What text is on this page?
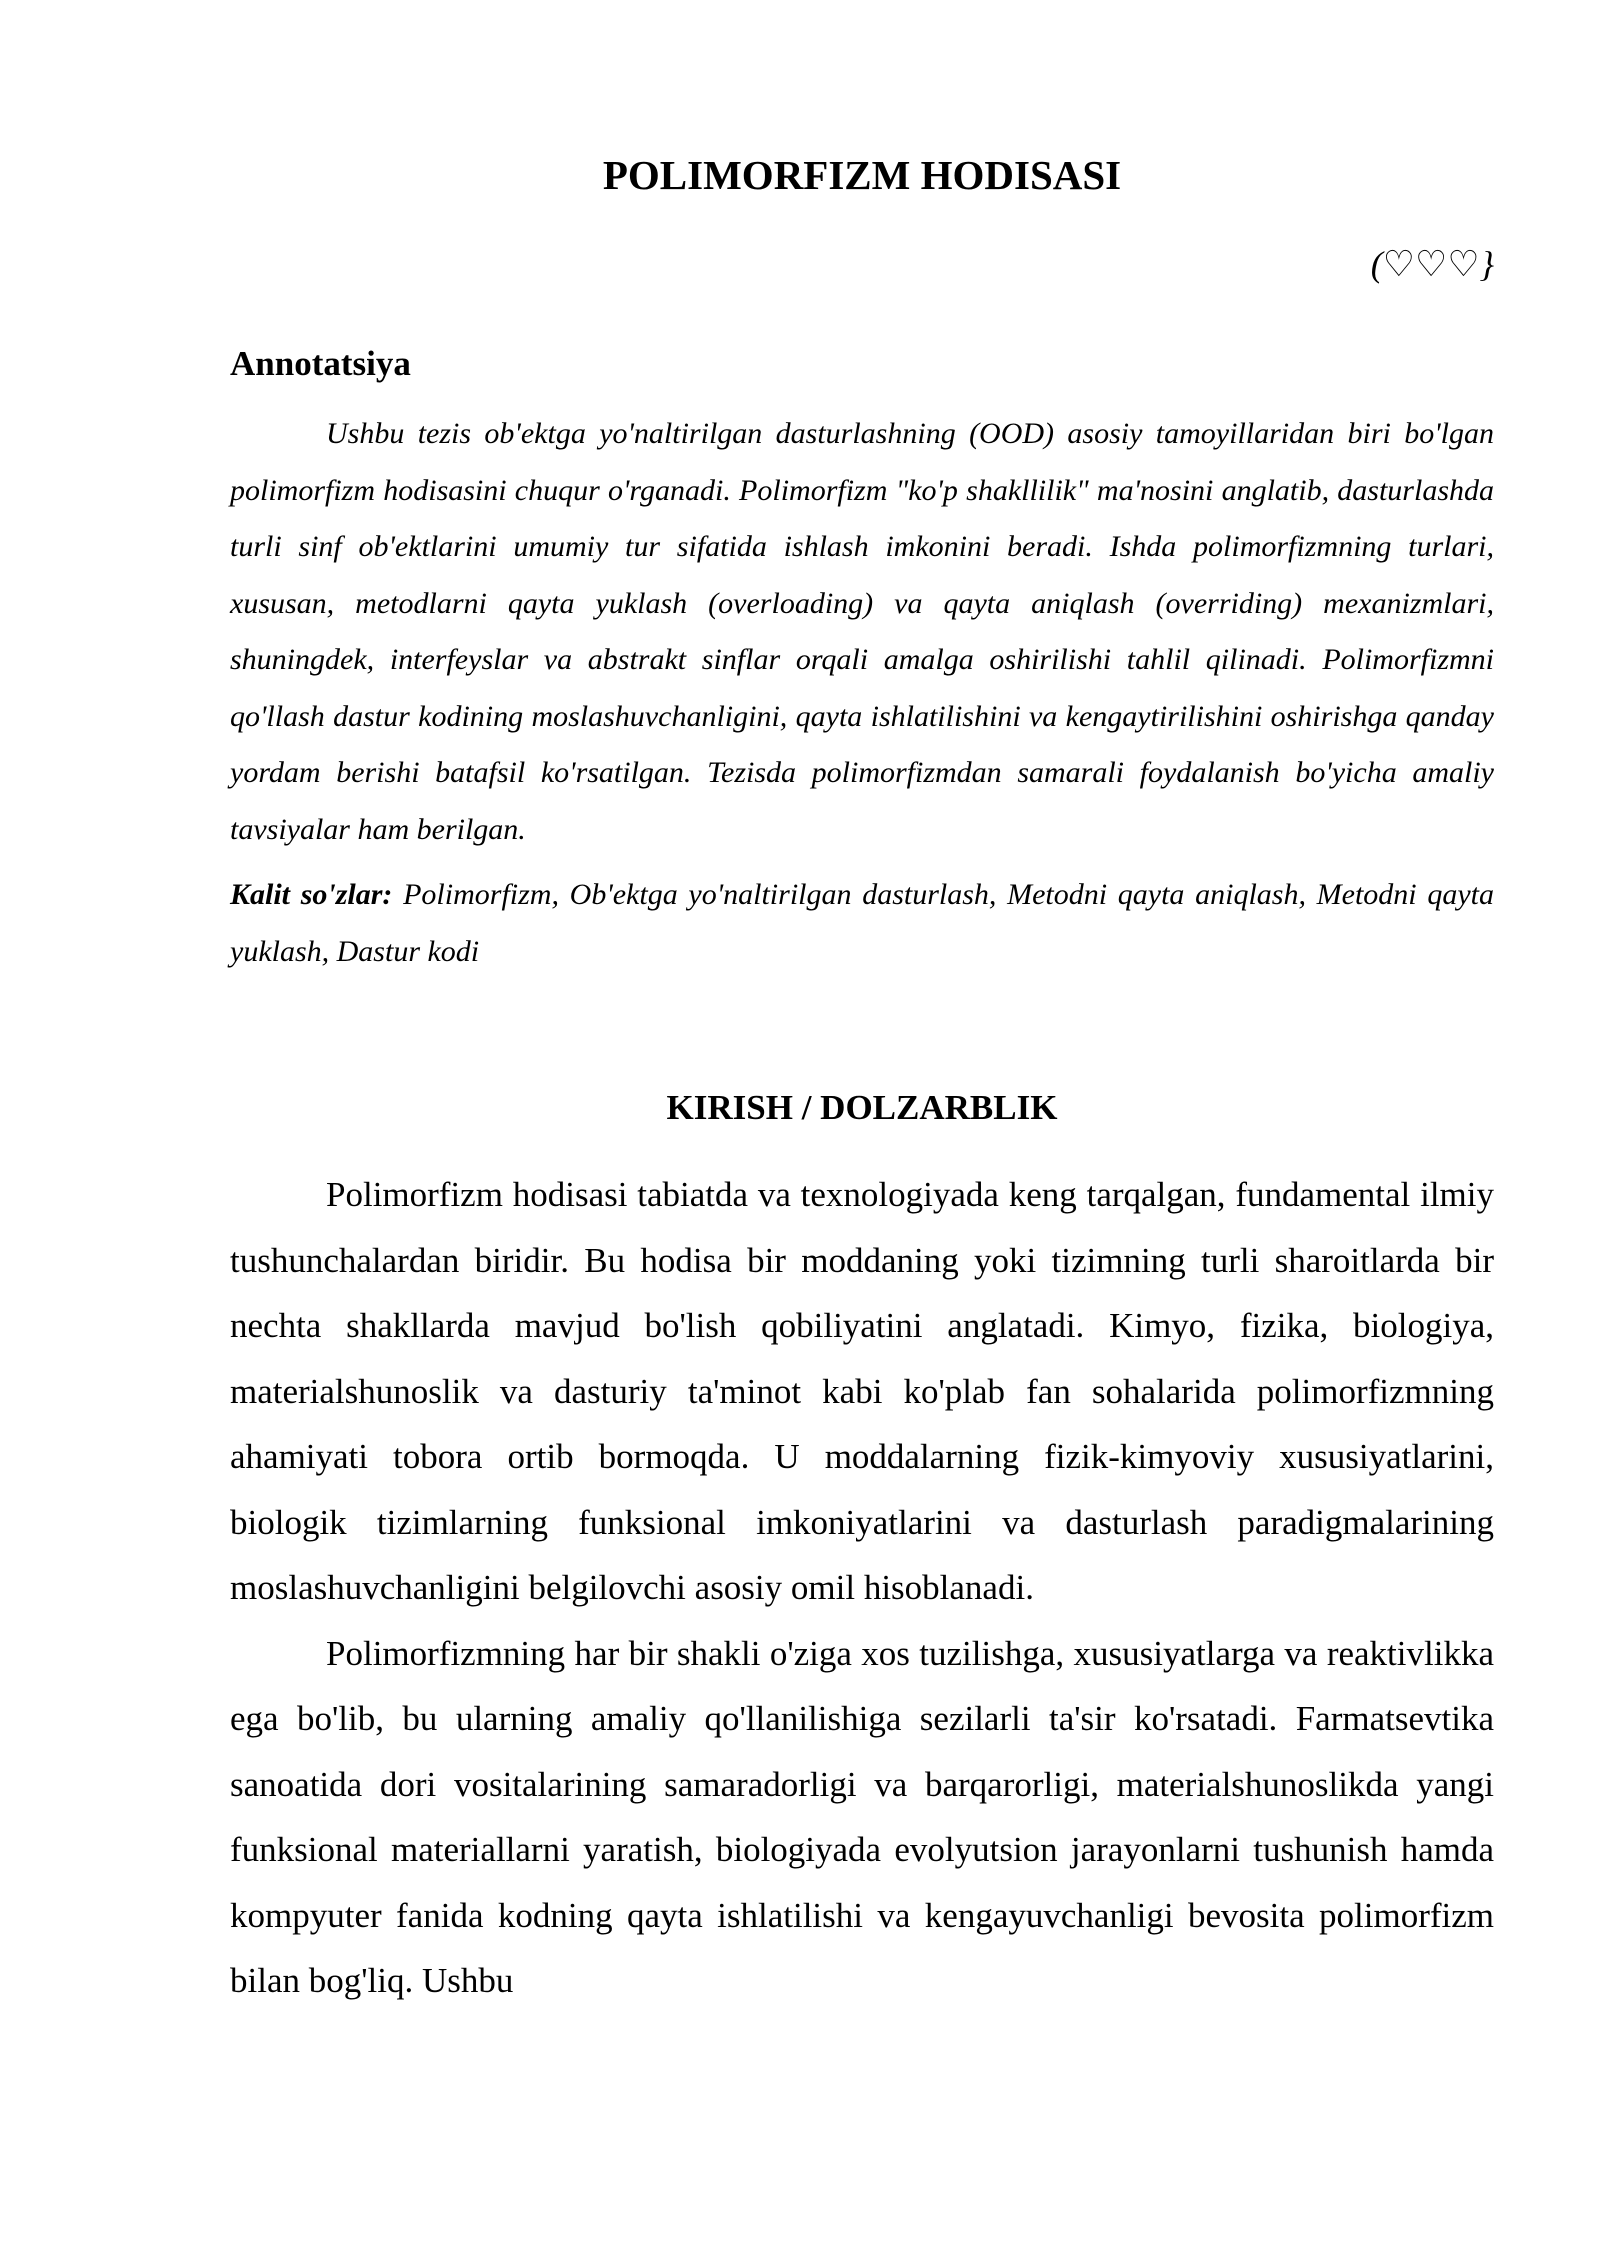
POLIMORFIZM HODISASI
(♡♡♡}
Annotatsiya

Ushbu tezis ob'ektga yo'naltirilgan dasturlashning (OOD) asosiy tamoyillaridan biri bo'lgan polimorfizm hodisasini chuqur o'rganadi. Polimorfizm "ko'p shakllilik" ma'nosini anglatib, dasturlashda turli sinf ob'ektlarini umumiy tur sifatida ishlash imkonini beradi. Ishda polimorfizmning turlari, xususan, metodlarni qayta yuklash (overloading) va qayta aniqlash (overriding) mexanizmlari, shuningdek, interfeyslar va abstrakt sinflar orqali amalga oshirilishi tahlil qilinadi. Polimorfizmni qo'llash dastur kodining moslashuvchanligini, qayta ishlatilishini va kengaytirilishini oshirishga qanday yordam berishi batafsil ko'rsatilgan. Tezisda polimorfizmdan samarali foydalanish bo'yicha amaliy tavsiyalar ham berilgan.

Kalit so'zlar: Polimorfizm, Ob'ektga yo'naltirilgan dasturlash, Metodni qayta aniqlash, Metodni qayta yuklash, Dastur kodi

KIRISH / DOLZARBLIK

Polimorfizm hodisasi tabiatda va texnologiyada keng tarqalgan, fundamental ilmiy tushunchalardan biridir. Bu hodisa bir moddaning yoki tizimning turli sharoitlarda bir nechta shakllarda mavjud bo'lish qobiliyatini anglatadi. Kimyo, fizika, biologiya, materialshunoslik va dasturiy ta'minot kabi ko'plab fan sohalarida polimorfizmning ahamiyati tobora ortib bormoqda. U moddalarning fizik-kimyoviy xususiyatlarini, biologik tizimlarning funksional imkoniyatlarini va dasturlash paradigmalarining moslashuvchanligini belgilovchi asosiy omil hisoblanadi.

Polimorfizmning har bir shakli o'ziga xos tuzilishga, xususiyatlarga va reaktivlikka ega bo'lib, bu ularning amaliy qo'llanilishiga sezilarli ta'sir ko'rsatadi. Farmatsevtika sanoatida dori vositalarining samaradorligi va barqarorligi, materialshunoslikda yangi funksional materiallarni yaratish, biologiyada evolyutsion jarayonlarni tushunish hamda kompyuter fanida kodning qayta ishlatilishi va kengayuvchanligi bevosita polimorfizm bilan bog'liq. Ushbu
